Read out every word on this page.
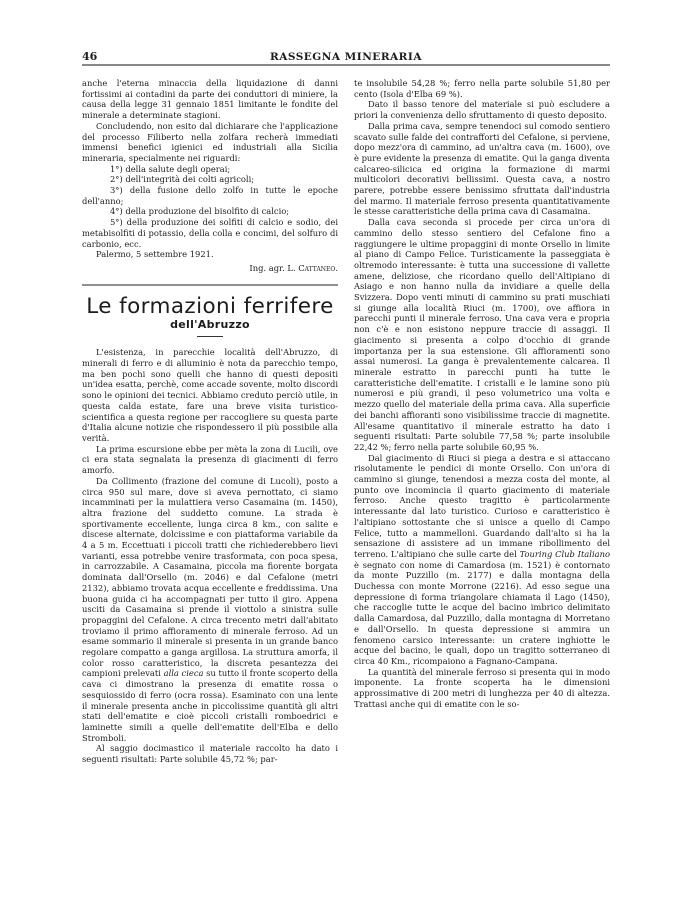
46	RASSEGNA MINERARIA

anche l'eterna minaccia della liquidazione di danni fortissimi ai contadini da parte dei conduttori di miniere, la causa della legge 31 gennaio 1851 limitante le fondite del minerale a determinate stagioni.

Concludendo, non esito dal dichiarare che l'applicazione del processo Filiberto nella zolfara recherà immediati immensi benefici igienici ed industriali alla Sicilia mineraria, specialmente nei riguardi:

1°) della salute degli operai;

2°) dell'integrità dei colti agricoli;

3°) della fusione dello zolfo in tutte le epoche dell'anno;

4°) della produzione del bisolfito di calcio;

5°) della produzione dei solfiti di calcio e sodio, dei metabisolfiti di potassio, della colla e concimi, del solfuro di carbonio, ecc.

Palermo, 5 settembre 1921.

Ing. agr. L. Cattaneo.

Le formazioni ferrifere
dell'Abruzzo

L'esistenza, in parecchie località dell'Abruzzo, di minerali di ferro e di alluminio è nota da parecchio tempo, ma ben pochi sono quelli che hanno di questi depositi un'idea esatta, perchè, come accade sovente, molto discordi sono le opinioni dei tecnici. Abbiamo creduto perciò utile, in questa calda estate, fare una breve visita turistico-scientifica a questa regione per raccogliere su questa parte d'Italia alcune notizie che rispondessero il più possibile alla verità.

La prima escursione ebbe per mèta la zona di Lucili, ove ci era stata segnalata la presenza di giacimenti di ferro amorfo.

Da Collimento (frazione del comune di Lucoli), posto a circa 950 sul mare, dove si aveva pernottato, ci siamo incamminati per la mulattiera verso Casamaina (m. 1450), altra frazione del suddetto comune. La strada è sportivamente eccellente, lunga circa 8 km., con salite e discese alternate, dolcissime e con piattaforma variabile da 4 a 5 m. Eccettuati i piccoli tratti che richiederebbero lievi varianti, essa potrebbe venire trasformata, con poca spesa, in carrozzabile. A Casamaina, piccola ma fiorente borgata dominata dall'Orsello (m. 2046) e dal Cefalone (metri 2132), abbiamo trovata acqua eccellente e freddissima. Una buona guida ci ha accompagnati per tutto il giro. Appena usciti da Casamaina si prende il viottolo a sinistra sulle propaggini del Cefalone. A circa trecento metri dall'abitato troviamo il primo affioramento di minerale ferroso. Ad un esame sommario il minerale si presenta in un grande banco regolare compatto a ganga argillosa. La struttura amorfa, il color rosso caratteristico, la discreta pesantezza dei campioni prelevati alla cieca su tutto il fronte scoperto della cava ci dimostrano la presenza di ematite rossa o sesquiossido di ferro (ocra rossa). Esaminato con una lente il minerale presenta anche in piccolissime quantità gli altri stati dell'ematite e cioè piccoli cristalli romboedrici e laminette simili a quelle dell'ematite dell'Elba e dello Stromboli.

Al saggio docimastico il materiale raccolto ha dato i seguenti risultati: Parte solubile 45,72 %; par-

te insolubile 54,28 %; ferro nella parte solubile 51,80 per cento (Isola d'Elba 69 %).

Dato il basso tenore del materiale si può escludere a priori la convenienza dello sfruttamento di questo deposito.

Dalla prima cava, sempre tenendoci sul comodo sentiero scavato sulle falde dei contrafforti del Cefalone, si perviene, dopo mezz'ora di cammino, ad un'altra cava (m. 1600), ove è pure evidente la presenza di ematite. Qui la ganga diventa calcareo-silicica ed origina la formazione di marmi multicolori decorativi bellissimi. Questa cava, a nostro parere, potrebbe essere benissimo sfruttata dall'industria del marmo. Il materiale ferroso presenta quantitativamente le stesse caratteristiche della prima cava di Casamaina.

Dalla cava seconda si procede per circa un'ora di cammino dello stesso sentiero del Cefalone fino a raggiungere le ultime propaggini di monte Orsello in limite al piano di Campo Felice. Turisticamente la passeggiata è oltremodo interessante: è tutta una successione di vallette amene, deliziose, che ricordano quello dell'Altipiano di Asiago e non hanno nulla da invidiare a quelle della Svizzera. Dopo venti minuti di cammino su prati muschiati si giunge alla località Riuci (m. 1700), ove affiora in parecchi punti il minerale ferroso. Una cava vera e propria non c'è e non esistono neppure traccie di assaggi. Il giacimento si presenta a colpo d'occhio di grande importanza per la sua estensione. Gli affioramenti sono assai numerosi. La ganga è prevalentemente calcarea. Il minerale estratto in parecchi punti ha tutte le caratteristiche dell'ematite. I cristalli e le lamine sono più numerosi e più grandi, il peso volumetrico una volta e mezzo quello del materiale della prima cava. Alla superficie dei banchi affioranti sono visibilissime traccie di magnetite. All'esame quantitativo il minerale estratto ha dato i seguenti risultati: Parte solubile 77,58 %; parte insolubile 22,42 %; ferro nella parte solubile 60,95 %.

Dal giacimento di Riuci si piega a destra e si attaccano risolutamente le pendici di monte Orsello. Con un'ora di cammino si giunge, tenendosi a mezza costa del monte, al punto ove incomincia il quarto giacimento di materiale ferroso. Anche questo tragitto è particolarmente interessante dal lato turistico. Curioso e caratteristico è l'altipiano sottostante che si unisce a quello di Campo Felice, tutto a mammelloni. Guardando dall'alto si ha la sensazione di assistere ad un immane ribollimento del terreno. L'altipiano che sulle carte del Touring Club Italiano è segnato con nome di Camardosa (m. 1521) è contornato da monte Puzzillo (m. 2177) e dalla montagna della Duchessa con monte Morrone (2216). Ad esso segue una depressione di forma triangolare chiamata il Lago (1450), che raccoglie tutte le acque del bacino imbrico delimitato dalla Camardosa, dal Puzzillo, dalla montagna di Morretano e dall'Orsello. In questa depressione si ammira un fenomeno carsico interessante: un cratere inghiotte le acque del bacino, le quali, dopo un tragitto sotterraneo di circa 40 Km., ricompaiono a Fagnano-Campana.

La quantità del minerale ferroso si presenta qui in modo imponente. La fronte scoperta ha le dimensioni approssimative di 200 metri di lunghezza per 40 di altezza. Trattasi anche qui di ematite con le so-
